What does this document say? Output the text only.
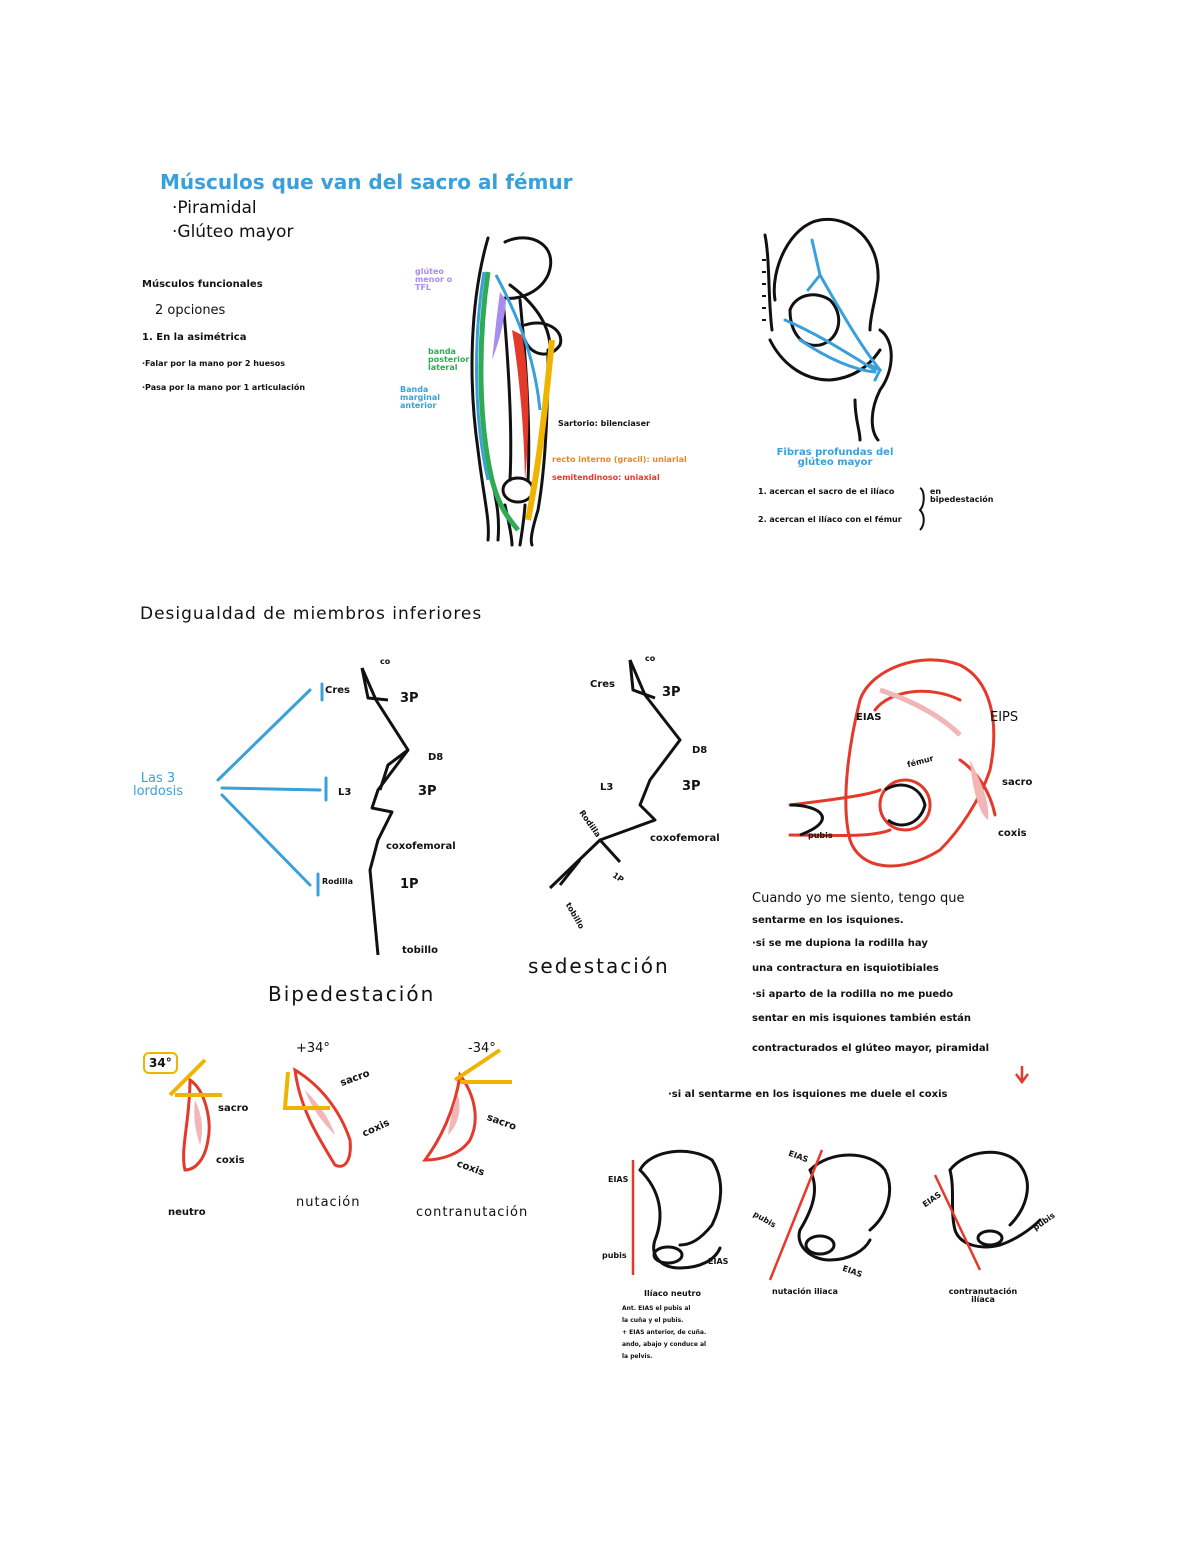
Músculos que van del sacro al fémur
·Piramidal
·Glúteo mayor
Músculos funcionales
2 opciones
1. En la asimétrica
·Falar por la mano por 2 huesos
·Pasa por la mano por 1 articulación
glúteo menor o TFL
banda posterior lateral
Banda marginal anterior
Sartorio: bilenciaser
recto interno (gracil): uniarial
semitendinoso: uniaxial
Fibras profundas del glúteo mayor
1. acercan el sacro de el ilíaco
2. acercan el ilíaco con el fémur
en bipedestación
Desigualdad de miembros inferiores
Las 3 lordosis
co
Cres
3P
D8
L3	3P
coxofemoral
Rodilla	1P
tobillo
Bipedestación
co
Cres
3P
D8
L3	3P
Rodilla	coxofemoral
1P
tobillo
sedestación
EIAS	EIPS
fémur
sacro
pubis	coxis
Cuando yo me siento, tengo que
sentarme en los isquiones.
·si se me dupiona la rodilla hay
una contractura en isquiotibiales
·si aparto de la rodilla no me puedo
sentar en mis isquiones también están
contracturados el glúteo mayor, piramidal
·si al sentarme en los isquiones me duele el coxis
34°
sacro
coxis
neutro
+34°
sacro
coxis
nutación
-34°
sacro
coxis
contranutación
EIAS
pubis
EIAS
Ilíaco neutro
Ant. EIAS el pubis al
la cuña y el pubis.
+ EIAS anterior, de cuña.
ando, abajo y conduce al
la pelvis.
EIAS
pubis
EIAS
nutación iliaca
EIAS
pubis
contranutación ilíaca
